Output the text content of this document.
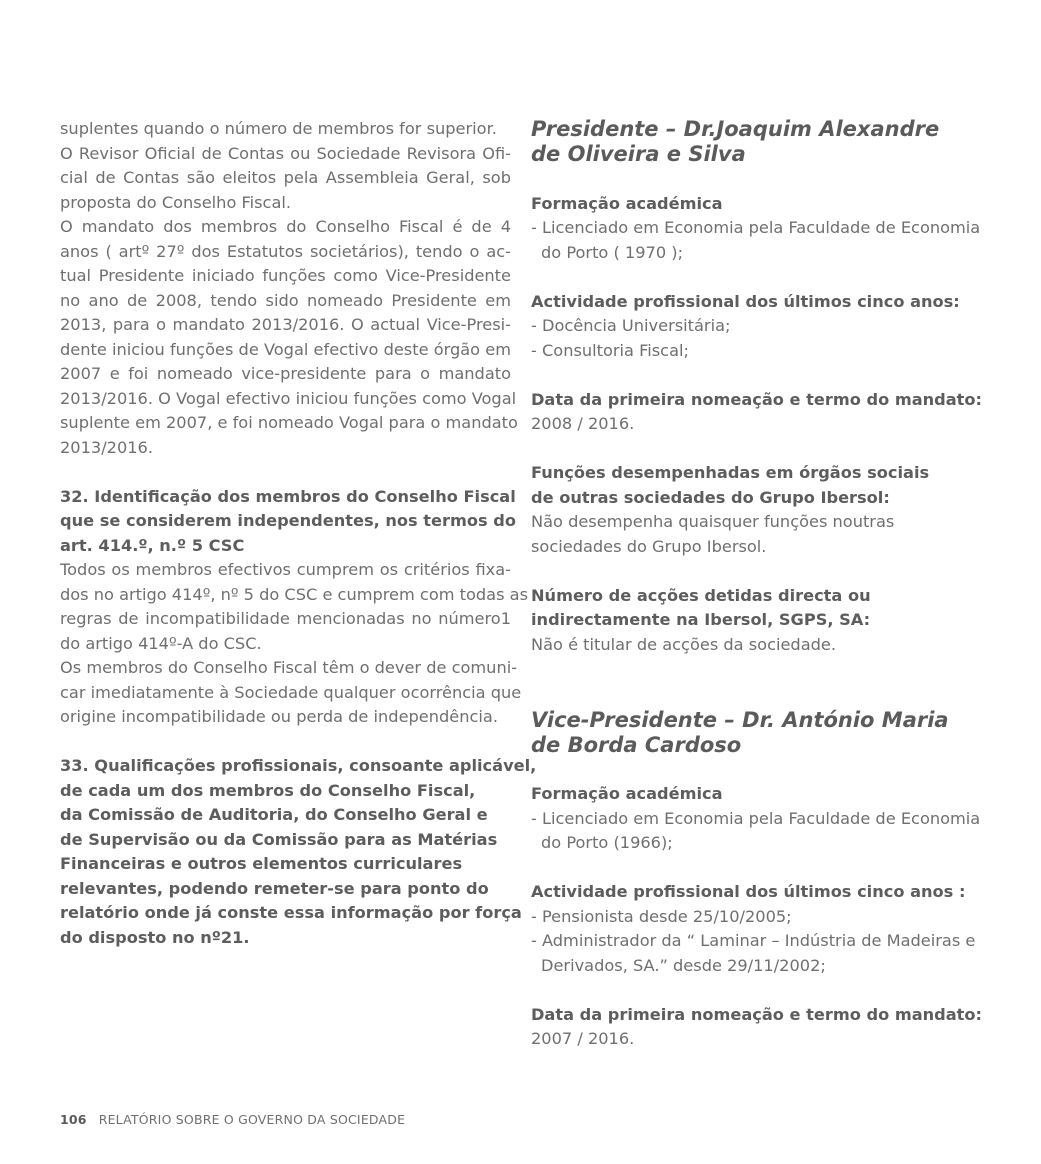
suplentes quando o número de membros for superior.
O Revisor Oficial de Contas ou Sociedade Revisora Ofi-
cial de Contas são eleitos pela Assembleia Geral, sob
proposta do Conselho Fiscal.
O mandato dos membros do Conselho Fiscal é de 4
anos ( artº 27º dos Estatutos societários), tendo o ac-
tual Presidente iniciado funções como Vice-Presidente
no ano de 2008, tendo sido nomeado Presidente em
2013, para o mandato 2013/2016. O actual Vice-Presi-
dente iniciou funções de Vogal efectivo deste órgão em
2007 e foi nomeado vice-presidente para o mandato
2013/2016. O Vogal efectivo iniciou funções como Vogal
suplente em 2007, e foi nomeado Vogal para o mandato
2013/2016.
32. Identificação dos membros do Conselho Fiscal
que se considerem independentes, nos termos do
art. 414.º, n.º 5 CSC
Todos os membros efectivos cumprem os critérios fixa-
dos no artigo 414º, nº 5 do CSC e cumprem com todas as
regras de incompatibilidade mencionadas no número1
do artigo 414º-A do CSC.
Os membros do Conselho Fiscal têm o dever de comuni-
car imediatamente à Sociedade qualquer ocorrência que
origine incompatibilidade ou perda de independência.
33. Qualificações profissionais, consoante aplicável,
de cada um dos membros do Conselho Fiscal,
da Comissão de Auditoria, do Conselho Geral e
de Supervisão ou da Comissão para as Matérias
Financeiras e outros elementos curriculares
relevantes, podendo remeter-se para ponto do
relatório onde já conste essa informação por força
do disposto no nº21.
Presidente – Dr.Joaquim Alexandre
de Oliveira e Silva

Formação académica

- Licenciado em Economia pela Faculdade de Economia
do Porto ( 1970 );

Actividade profissional dos últimos cinco anos:

- Docência Universitária;

- Consultoria Fiscal;

Data da primeira nomeação e termo do mandato:

2008 / 2016.

Funções desempenhadas em órgãos sociais
de outras sociedades do Grupo Ibersol:

Não desempenha quaisquer funções noutras
sociedades do Grupo Ibersol.

Número de acções detidas directa ou
indirectamente na Ibersol, SGPS, SA:

Não é titular de acções da sociedade.

Vice-Presidente – Dr. António Maria
de Borda Cardoso

Formação académica

- Licenciado em Economia pela Faculdade de Economia
do Porto (1966);

Actividade profissional dos últimos cinco anos :

- Pensionista desde 25/10/2005;

- Administrador da “ Laminar – Indústria de Madeiras e
Derivados, SA.” desde 29/11/2002;

Data da primeira nomeação e termo do mandato:

2007 / 2016.

106 RELATÓRIO SOBRE O GOVERNO DA SOCIEDADE
